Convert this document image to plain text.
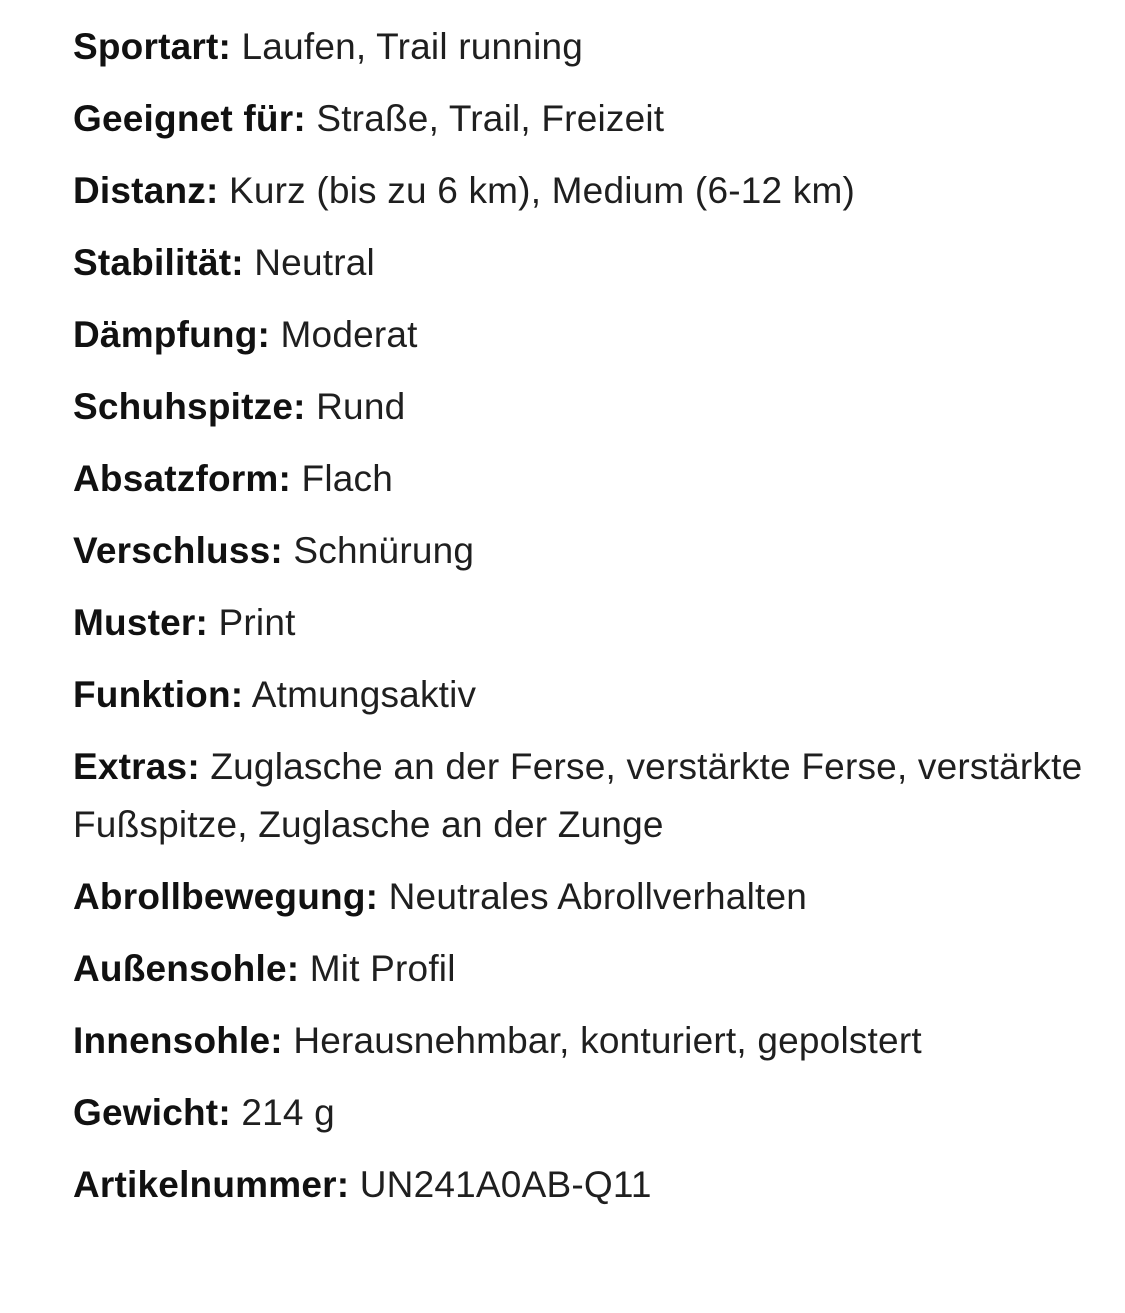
Sportart: Laufen, Trail running
Geeignet für: Straße, Trail, Freizeit
Distanz: Kurz (bis zu 6 km), Medium (6-12 km)
Stabilität: Neutral
Dämpfung: Moderat
Schuhspitze: Rund
Absatzform: Flach
Verschluss: Schnürung
Muster: Print
Funktion: Atmungsaktiv
Extras: Zuglasche an der Ferse, verstärkte Ferse, verstärkte Fußspitze, Zuglasche an der Zunge
Abrollbewegung: Neutrales Abrollverhalten
Außensohle: Mit Profil
Innensohle: Herausnehmbar, konturiert, gepolstert
Gewicht: 214 g
Artikelnummer: UN241A0AB-Q11
